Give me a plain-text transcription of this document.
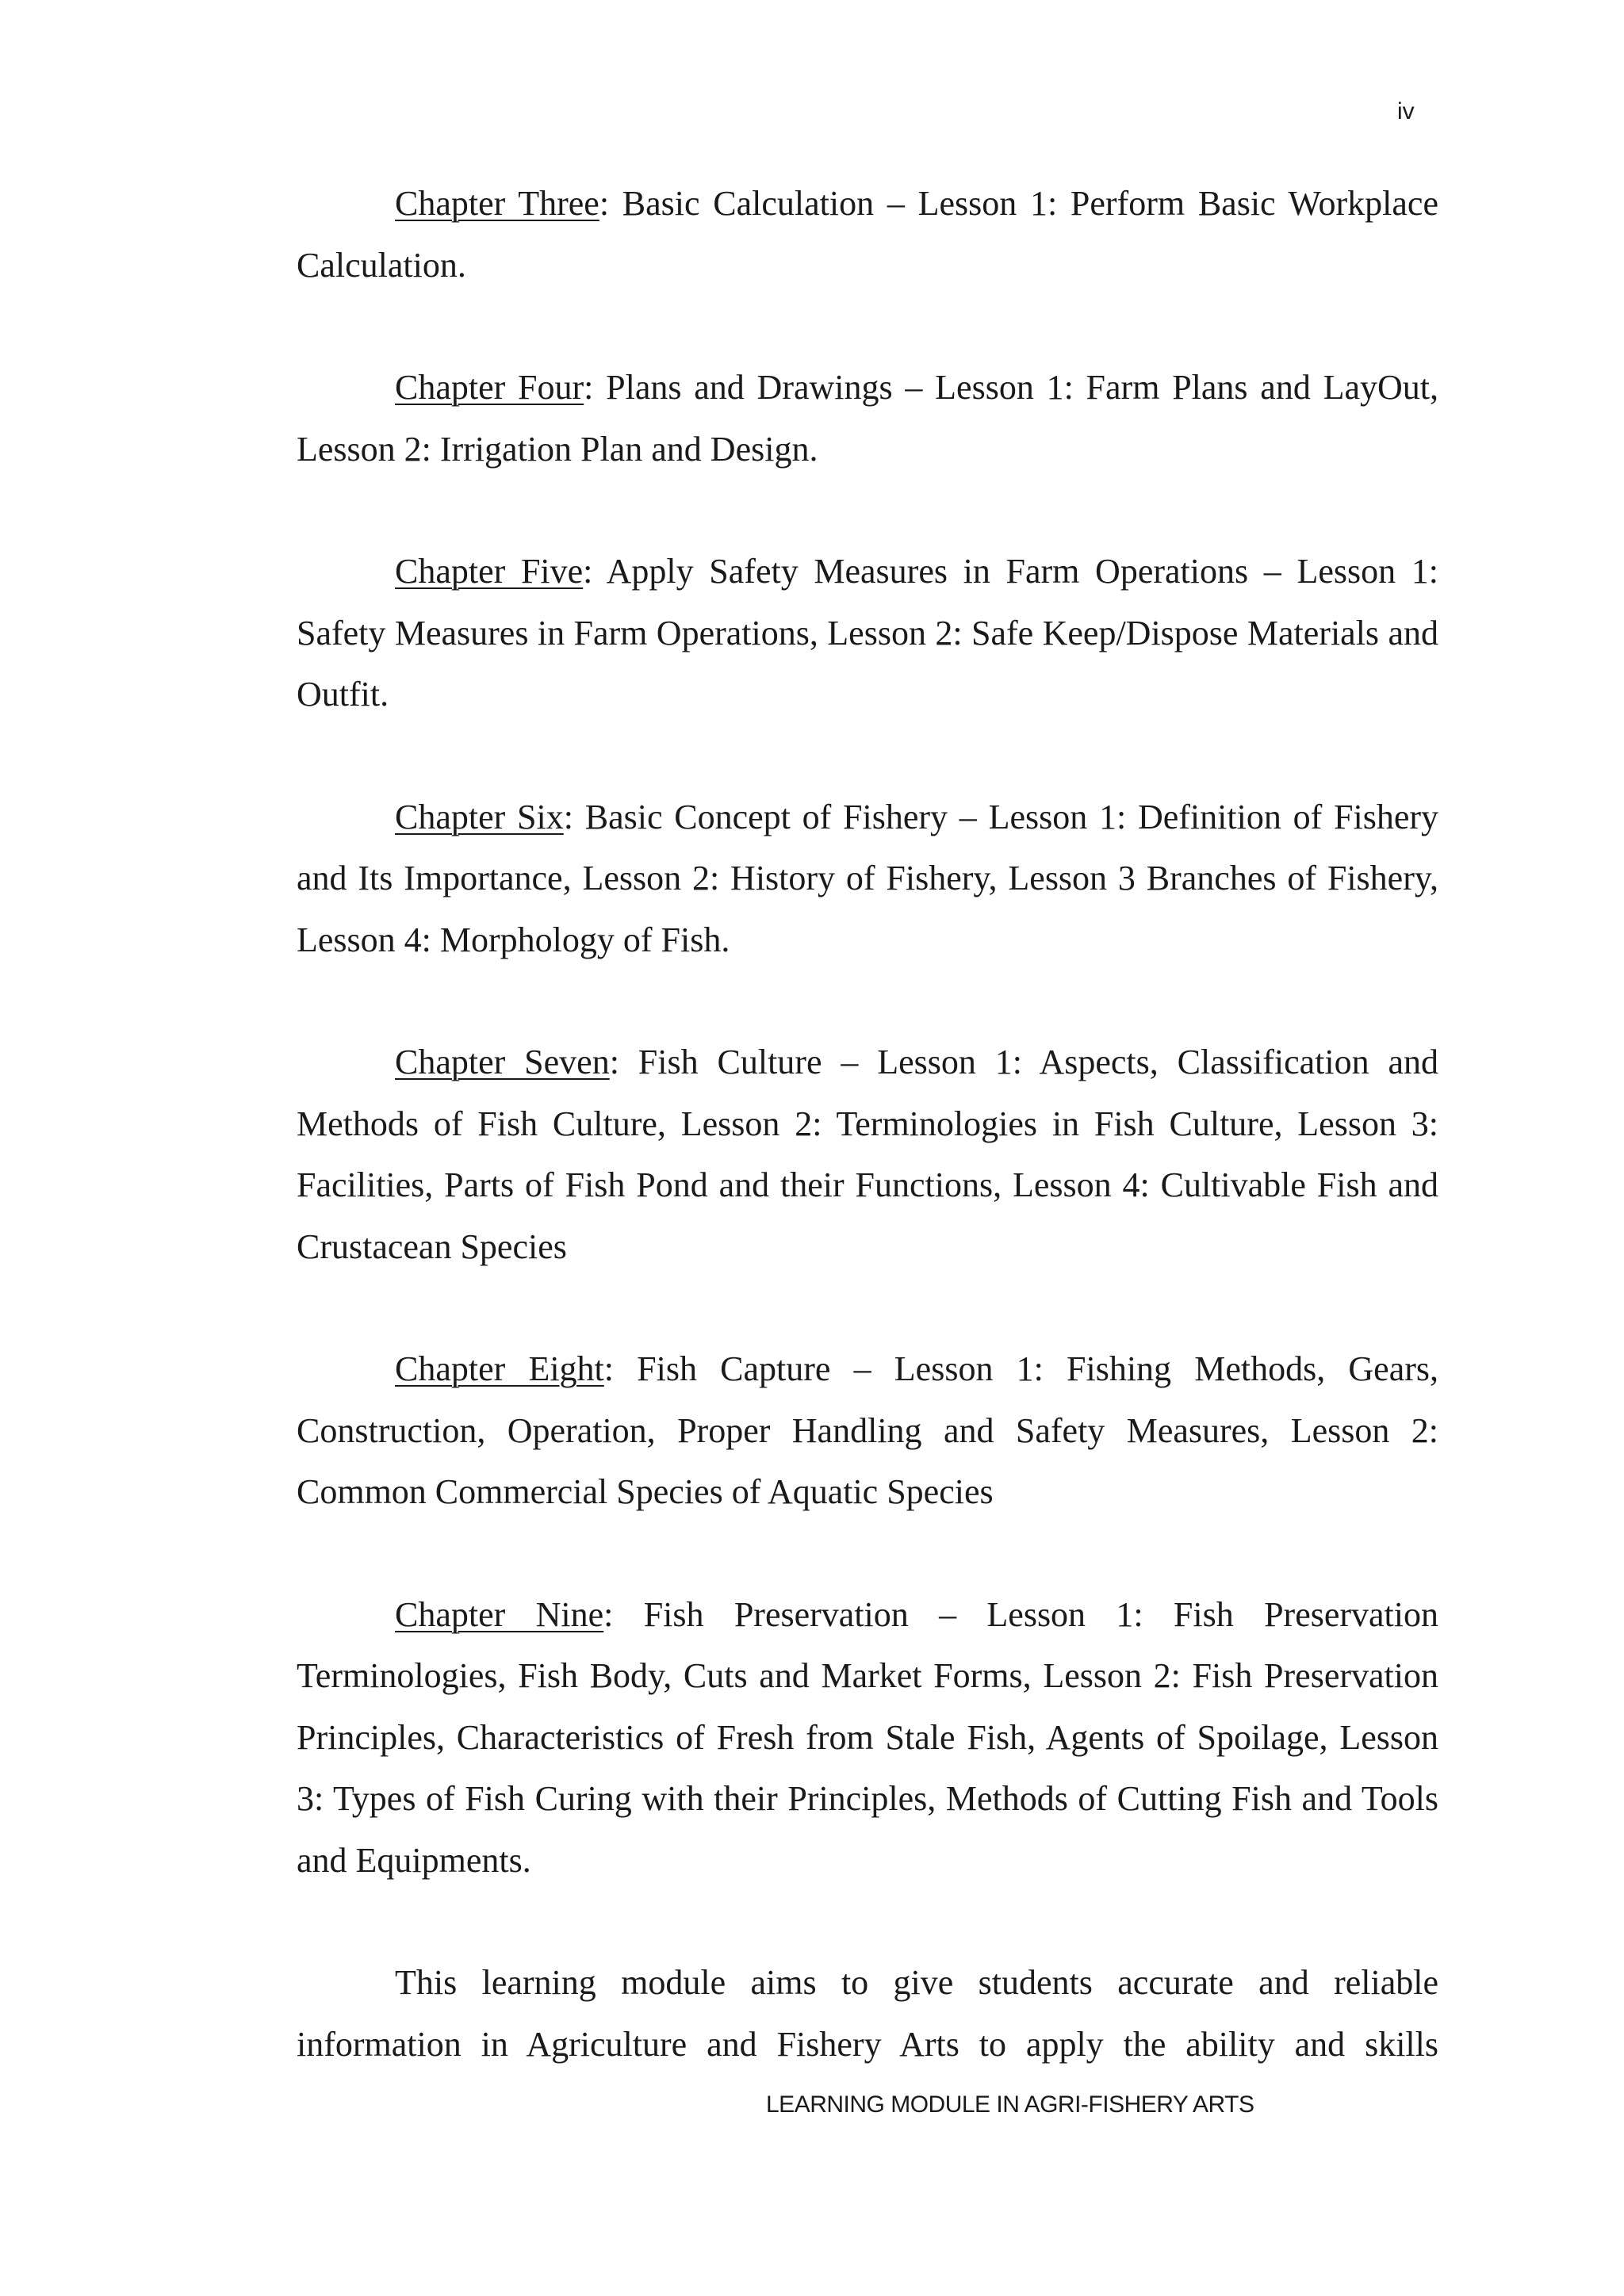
iv

Chapter Three: Basic Calculation – Lesson 1: Perform Basic Workplace Calculation.

Chapter Four: Plans and Drawings – Lesson 1: Farm Plans and LayOut, Lesson 2: Irrigation Plan and Design.

Chapter Five: Apply Safety Measures in Farm Operations – Lesson 1: Safety Measures in Farm Operations, Lesson 2: Safe Keep/Dispose Materials and Outfit.

Chapter Six: Basic Concept of Fishery – Lesson 1: Definition of Fishery and Its Importance, Lesson 2: History of Fishery, Lesson 3 Branches of Fishery, Lesson 4: Morphology of Fish.

Chapter Seven: Fish Culture – Lesson 1: Aspects, Classification and Methods of Fish Culture, Lesson 2: Terminologies in Fish Culture, Lesson 3: Facilities, Parts of Fish Pond and their Functions, Lesson 4: Cultivable Fish and Crustacean Species

Chapter Eight: Fish Capture – Lesson 1: Fishing Methods, Gears, Construction, Operation, Proper Handling and Safety Measures, Lesson 2: Common Commercial Species of Aquatic Species

Chapter Nine: Fish Preservation – Lesson 1: Fish Preservation Terminologies, Fish Body, Cuts and Market Forms, Lesson 2: Fish Preservation Principles, Characteristics of Fresh from Stale Fish, Agents of Spoilage, Lesson 3: Types of Fish Curing with their Principles, Methods of Cutting Fish and Tools and Equipments.

This learning module aims to give students accurate and reliable information in Agriculture and Fishery Arts to apply the ability and skills

LEARNING MODULE IN AGRI-FISHERY ARTS
